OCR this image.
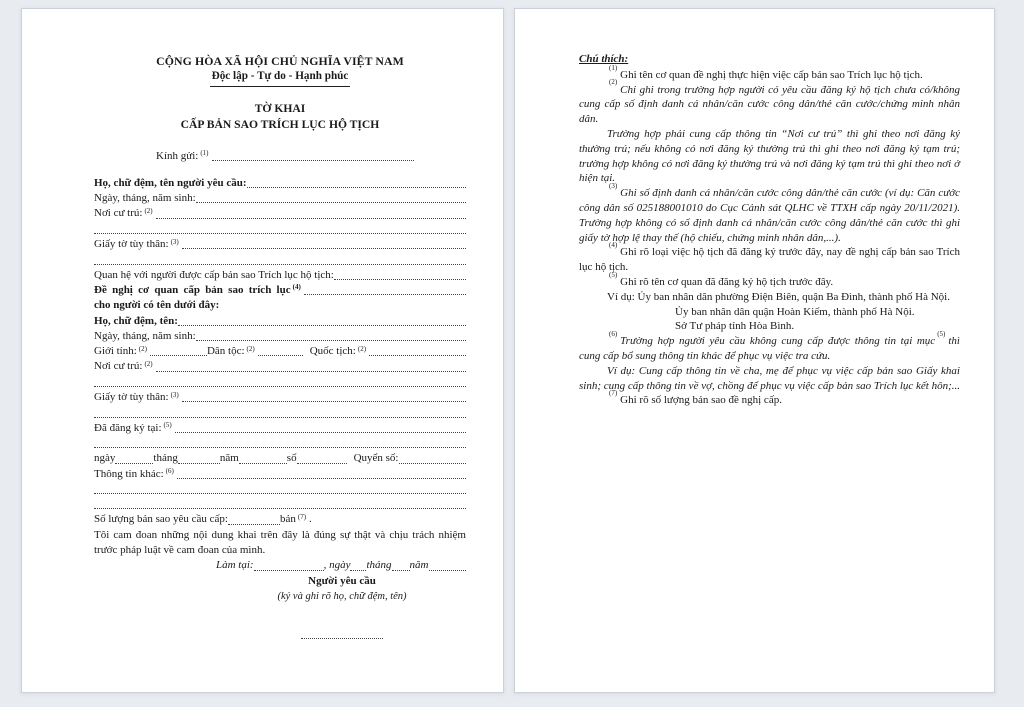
CỘNG HÒA XÃ HỘI CHỦ NGHĨA VIỆT NAM
Độc lập - Tự do - Hạnh phúc
TỜ KHAI
CẤP BẢN SAO TRÍCH LỤC HỘ TỊCH
Kính gửi: $^{(1)}$
Họ, chữ đệm, tên người yêu cầu:
Ngày, tháng, năm sinh:
Nơi cư trú: $^{(2)}$
Giấy tờ tùy thân: $^{(3)}$
Quan hệ với người được cấp bản sao Trích lục hộ tịch:
Đề nghị cơ quan cấp bản sao trích lục $^{(4)}$
cho người có tên dưới đây:
Họ, chữ đệm, tên:
Ngày, tháng, năm sinh:
Giới tính: $^{(2)}$	Dân tộc: $^{(2)}$	Quốc tịch: $^{(2)}$
Nơi cư trú: $^{(2)}$
Giấy tờ tùy thân: $^{(3)}$
Đã đăng ký tại: $^{(5)}$
ngày	tháng	năm	số	Quyển số:
Thông tin khác: $^{(6)}$
Số lượng bản sao yêu cầu cấp:	bản $^{(7)}$ .

Tôi cam đoan những nội dung khai trên đây là đúng sự thật và chịu trách nhiệm trước pháp luật về cam đoan của mình.

Làm tại:	, ngày tháng năm
Người yêu cầu
(ký và ghi rõ họ, chữ đệm, tên)
Chú thích:

$^{(1)}$Ghi tên cơ quan đề nghị thực hiện việc cấp bản sao Trích lục hộ tịch.

$^{(2)}$Chỉ ghi trong trường hợp người có yêu cầu đăng ký hộ tịch chưa có/không cung cấp số định danh cá nhân/căn cước công dân/thẻ căn cước/chứng minh nhân dân.

Trường hợp phải cung cấp thông tin “Nơi cư trú” thì ghi theo nơi đăng ký thường trú; nếu không có nơi đăng ký thường trú thì ghi theo nơi đăng ký tạm trú; trường hợp không có nơi đăng ký thường trú và nơi đăng ký tạm trú thì ghi theo nơi ở hiện tại.

$^{(3)}$Ghi số định danh cá nhân/căn cước công dân/thẻ căn cước (ví dụ: Căn cước công dân số 025188001010 do Cục Cảnh sát QLHC về TTXH cấp ngày 20/11/2021). Trường hợp không có số định danh cá nhân/căn cước công dân/thẻ căn cước thì ghi giấy tờ hợp lệ thay thế (hộ chiếu, chứng minh nhân dân,...).

$^{(4)}$Ghi rõ loại việc hộ tịch đã đăng ký trước đây, nay đề nghị cấp bản sao Trích lục hộ tịch.

$^{(5)}$Ghi rõ tên cơ quan đã đăng ký hộ tịch trước đây.

Ví dụ: Ủy ban nhân dân phường Điện Biên, quận Ba Đình, thành phố Hà Nội.

Ủy ban nhân dân quận Hoàn Kiếm, thành phố Hà Nội.

Sở Tư pháp tỉnh Hòa Bình.

$^{(6)}$Trường hợp người yêu cầu không cung cấp được thông tin tại mục$^{(5)}$thì cung cấp bổ sung thông tin khác để phục vụ việc tra cứu.

Ví dụ: Cung cấp thông tin về cha, mẹ để phục vụ việc cấp bản sao Giấy khai sinh; cung cấp thông tin về vợ, chồng để phục vụ việc cấp bản sao Trích lục kết hôn;...

$^{(7)}$Ghi rõ số lượng bản sao đề nghị cấp.
